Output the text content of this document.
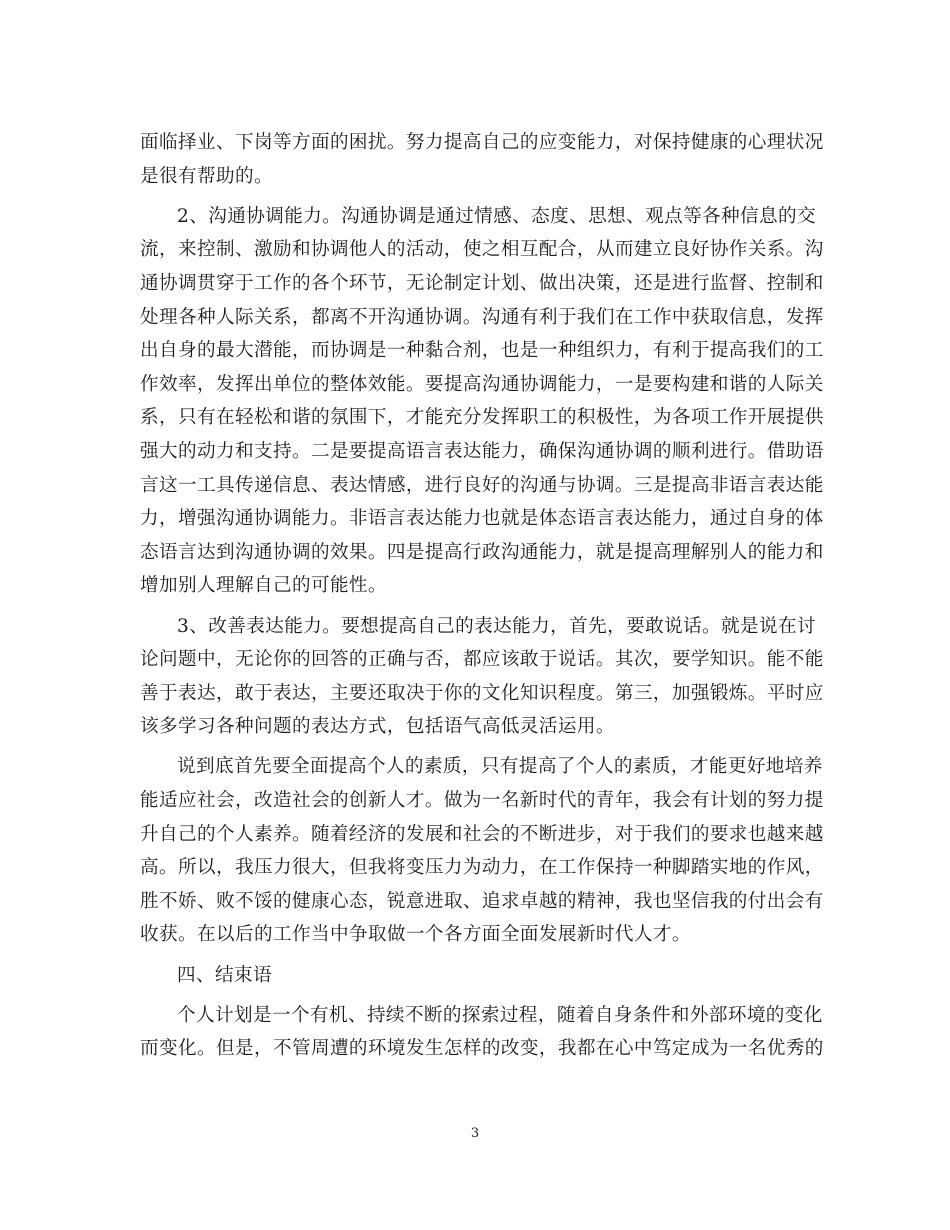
面临择业、下岗等方面的困扰。努力提高自己的应变能力，对保持健康的心理状况
是很有帮助的。
2、沟通协调能力。沟通协调是通过情感、态度、思想、观点等各种信息的交
流，来控制、激励和协调他人的活动，使之相互配合，从而建立良好协作关系。沟
通协调贯穿于工作的各个环节，无论制定计划、做出决策，还是进行监督、控制和
处理各种人际关系，都离不开沟通协调。沟通有利于我们在工作中获取信息，发挥
出自身的最大潜能，而协调是一种黏合剂，也是一种组织力，有利于提高我们的工
作效率，发挥出单位的整体效能。要提高沟通协调能力，一是要构建和谐的人际关
系，只有在轻松和谐的氛围下，才能充分发挥职工的积极性，为各项工作开展提供
强大的动力和支持。二是要提高语言表达能力，确保沟通协调的顺利进行。借助语
言这一工具传递信息、表达情感，进行良好的沟通与协调。三是提高非语言表达能
力，增强沟通协调能力。非语言表达能力也就是体态语言表达能力，通过自身的体
态语言达到沟通协调的效果。四是提高行政沟通能力，就是提高理解别人的能力和
增加别人理解自己的可能性。
3、改善表达能力。要想提高自己的表达能力，首先，要敢说话。就是说在讨
论问题中，无论你的回答的正确与否，都应该敢于说话。其次，要学知识。能不能
善于表达，敢于表达，主要还取决于你的文化知识程度。第三，加强锻炼。平时应
该多学习各种问题的表达方式，包括语气高低灵活运用。
说到底首先要全面提高个人的素质，只有提高了个人的素质，才能更好地培养
能适应社会，改造社会的创新人才。做为一名新时代的青年，我会有计划的努力提
升自己的个人素养。随着经济的发展和社会的不断进步，对于我们的要求也越来越
高。所以，我压力很大，但我将变压力为动力，在工作保持一种脚踏实地的作风，
胜不娇、败不馁的健康心态，锐意进取、追求卓越的精神，我也坚信我的付出会有
收获。在以后的工作当中争取做一个各方面全面发展新时代人才。
四、结束语
个人计划是一个有机、持续不断的探索过程，随着自身条件和外部环境的变化
而变化。但是，不管周遭的环境发生怎样的改变，我都在心中笃定成为一名优秀的
3
